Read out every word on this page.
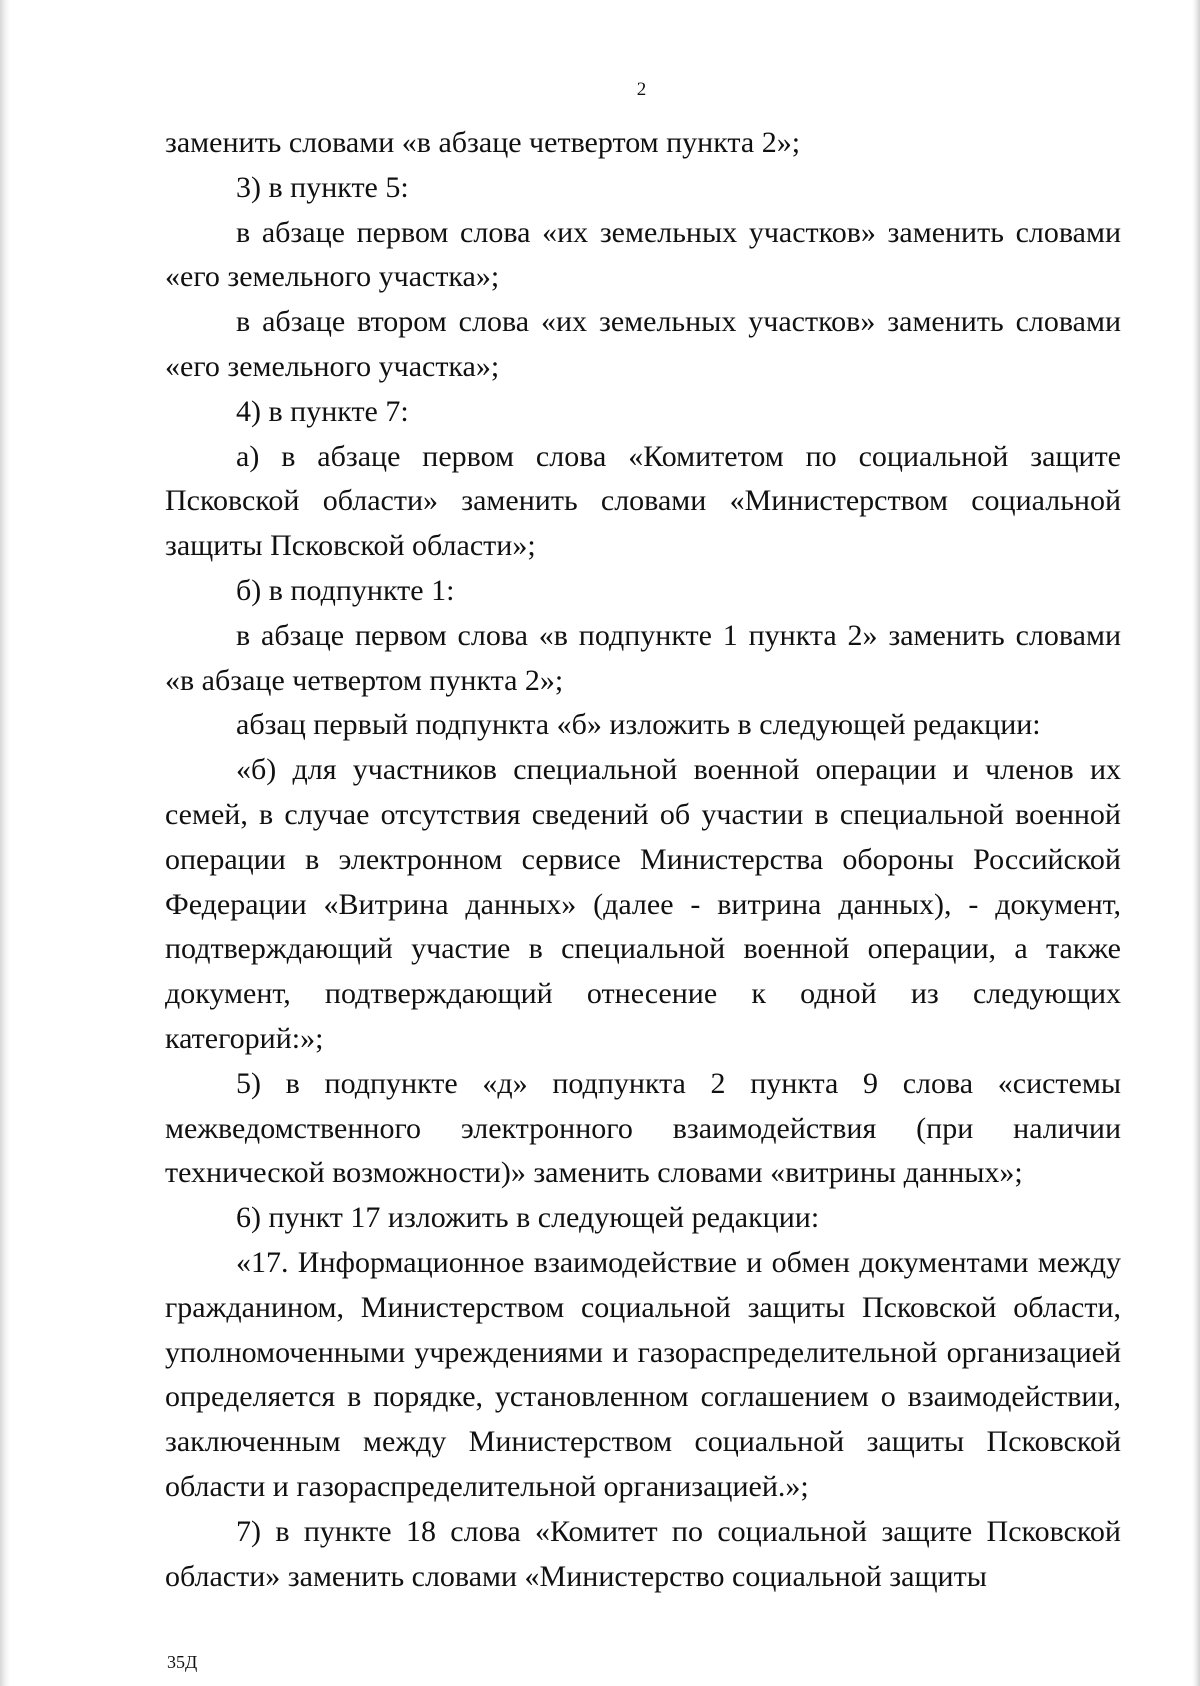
2

заменить словами «в абзаце четвертом пункта 2»;

3) в пункте 5:

в абзаце первом слова «их земельных участков» заменить словами «его земельного участка»;

в абзаце втором слова «их земельных участков» заменить словами «его земельного участка»;

4) в пункте 7:

а) в абзаце первом слова «Комитетом по социальной защите Псковской области» заменить словами «Министерством социальной защиты Псковской области»;

б) в подпункте 1:

в абзаце первом слова «в подпункте 1 пункта 2» заменить словами «в абзаце четвертом пункта 2»;

абзац первый подпункта «б» изложить в следующей редакции:

«б) для участников специальной военной операции и членов их семей, в случае отсутствия сведений об участии в специальной военной операции в электронном сервисе Министерства обороны Российской Федерации «Витрина данных» (далее - витрина данных), - документ, подтверждающий участие в специальной военной операции, а также документ, подтверждающий отнесение к одной из следующих категорий:»;

5) в подпункте «д» подпункта 2 пункта 9 слова «системы межведомственного электронного взаимодействия (при наличии технической возможности)» заменить словами «витрины данных»;

6) пункт 17 изложить в следующей редакции:

«17. Информационное взаимодействие и обмен документами между гражданином, Министерством социальной защиты Псковской области, уполномоченными учреждениями и газораспределительной организацией определяется в порядке, установленном соглашением о взаимодействии, заключенным между Министерством социальной защиты Псковской области и газораспределительной организацией.»;

7) в пункте 18 слова «Комитет по социальной защите Псковской области» заменить словами «Министерство социальной защиты

35Д
